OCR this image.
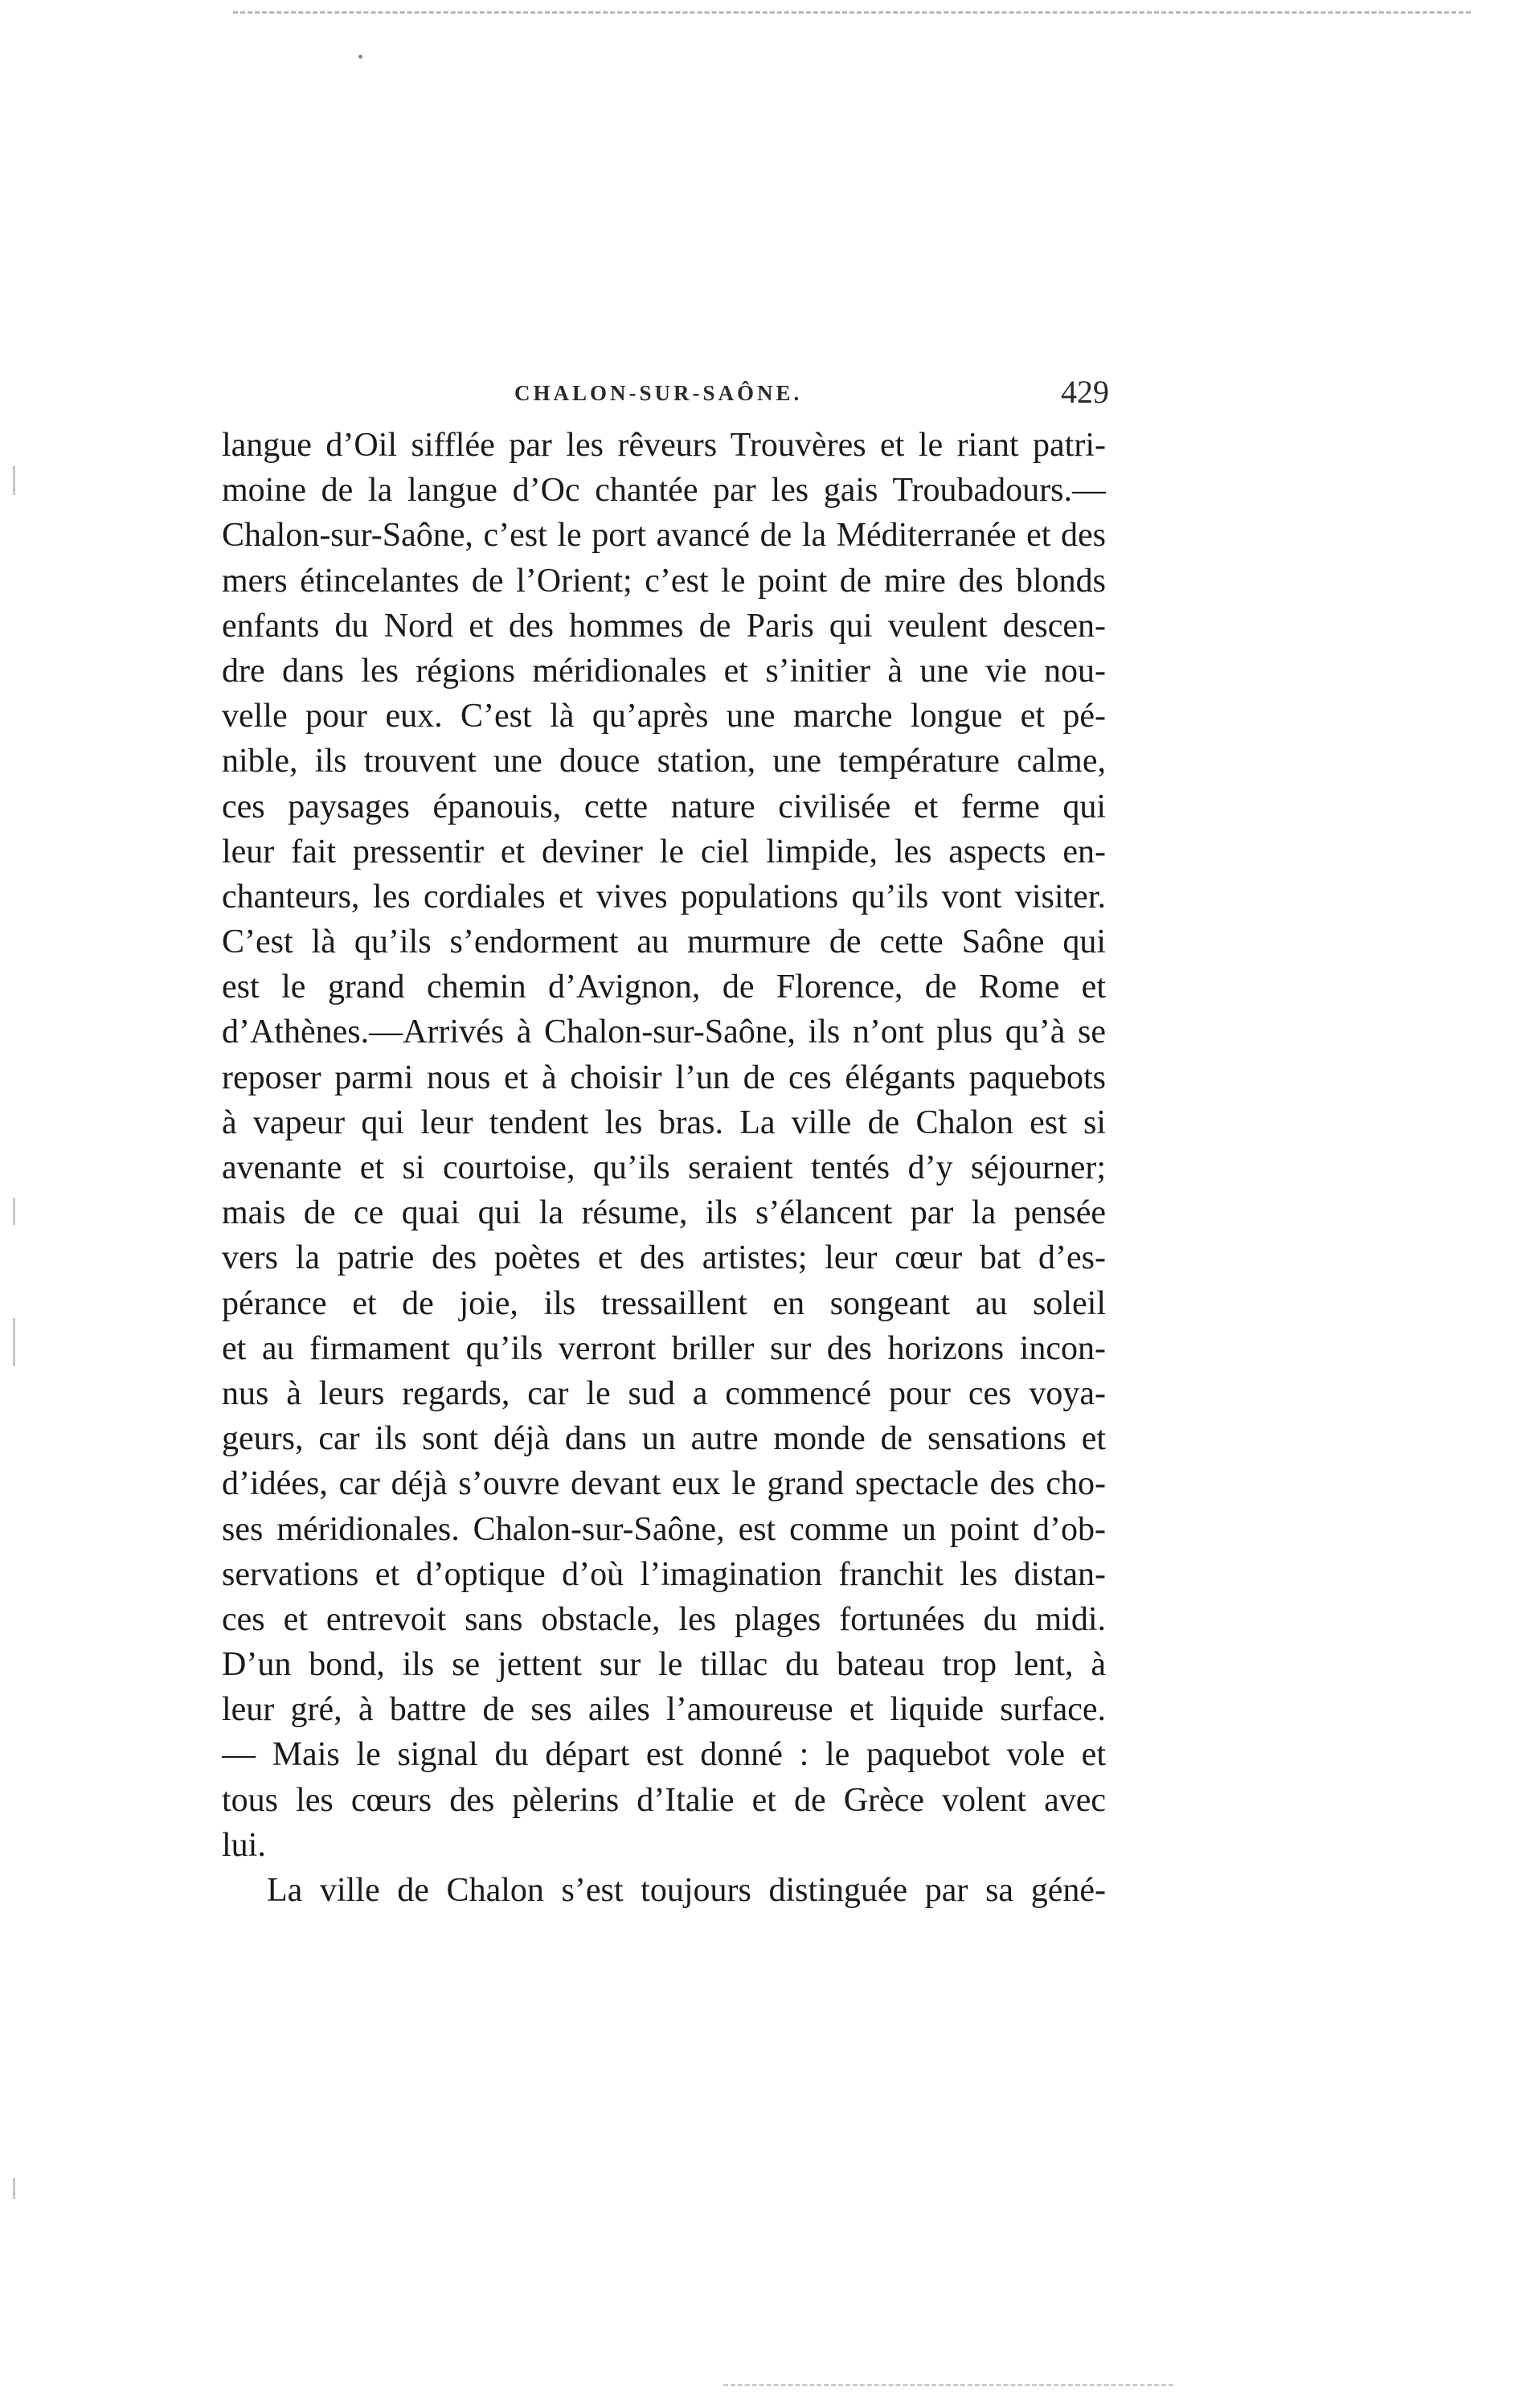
CHALON-SUR-SAÔNE.	429
langue d’Oil sifflée par les rêveurs Trouvères et le riant patri-
moine de la langue d’Oc chantée par les gais Troubadours.—
Chalon-sur-Saône, c’est le port avancé de la Méditerranée et des
mers étincelantes de l’Orient; c’est le point de mire des blonds
enfants du Nord et des hommes de Paris qui veulent descen-
dre dans les régions méridionales et s’initier à une vie nou-
velle pour eux. C’est là qu’après une marche longue et pé-
nible, ils trouvent une douce station, une température calme,
ces paysages épanouis, cette nature civilisée et ferme qui
leur fait pressentir et deviner le ciel limpide, les aspects en-
chanteurs, les cordiales et vives populations qu’ils vont visiter.
C’est là qu’ils s’endorment au murmure de cette Saône qui
est le grand chemin d’Avignon, de Florence, de Rome et
d’Athènes.—Arrivés à Chalon-sur-Saône, ils n’ont plus qu’à se
reposer parmi nous et à choisir l’un de ces élégants paquebots
à vapeur qui leur tendent les bras. La ville de Chalon est si
avenante et si courtoise, qu’ils seraient tentés d’y séjourner;
mais de ce quai qui la résume, ils s’élancent par la pensée
vers la patrie des poètes et des artistes; leur cœur bat d’es-
pérance et de joie, ils tressaillent en songeant au soleil
et au firmament qu’ils verront briller sur des horizons incon-
nus à leurs regards, car le sud a commencé pour ces voya-
geurs, car ils sont déjà dans un autre monde de sensations et
d’idées, car déjà s’ouvre devant eux le grand spectacle des cho-
ses méridionales. Chalon-sur-Saône, est comme un point d’ob-
servations et d’optique d’où l’imagination franchit les distan-
ces et entrevoit sans obstacle, les plages fortunées du midi.
D’un bond, ils se jettent sur le tillac du bateau trop lent, à
leur gré, à battre de ses ailes l’amoureuse et liquide surface.
— Mais le signal du départ est donné : le paquebot vole et
tous les cœurs des pèlerins d’Italie et de Grèce volent avec
lui.
La ville de Chalon s’est toujours distinguée par sa géné-
